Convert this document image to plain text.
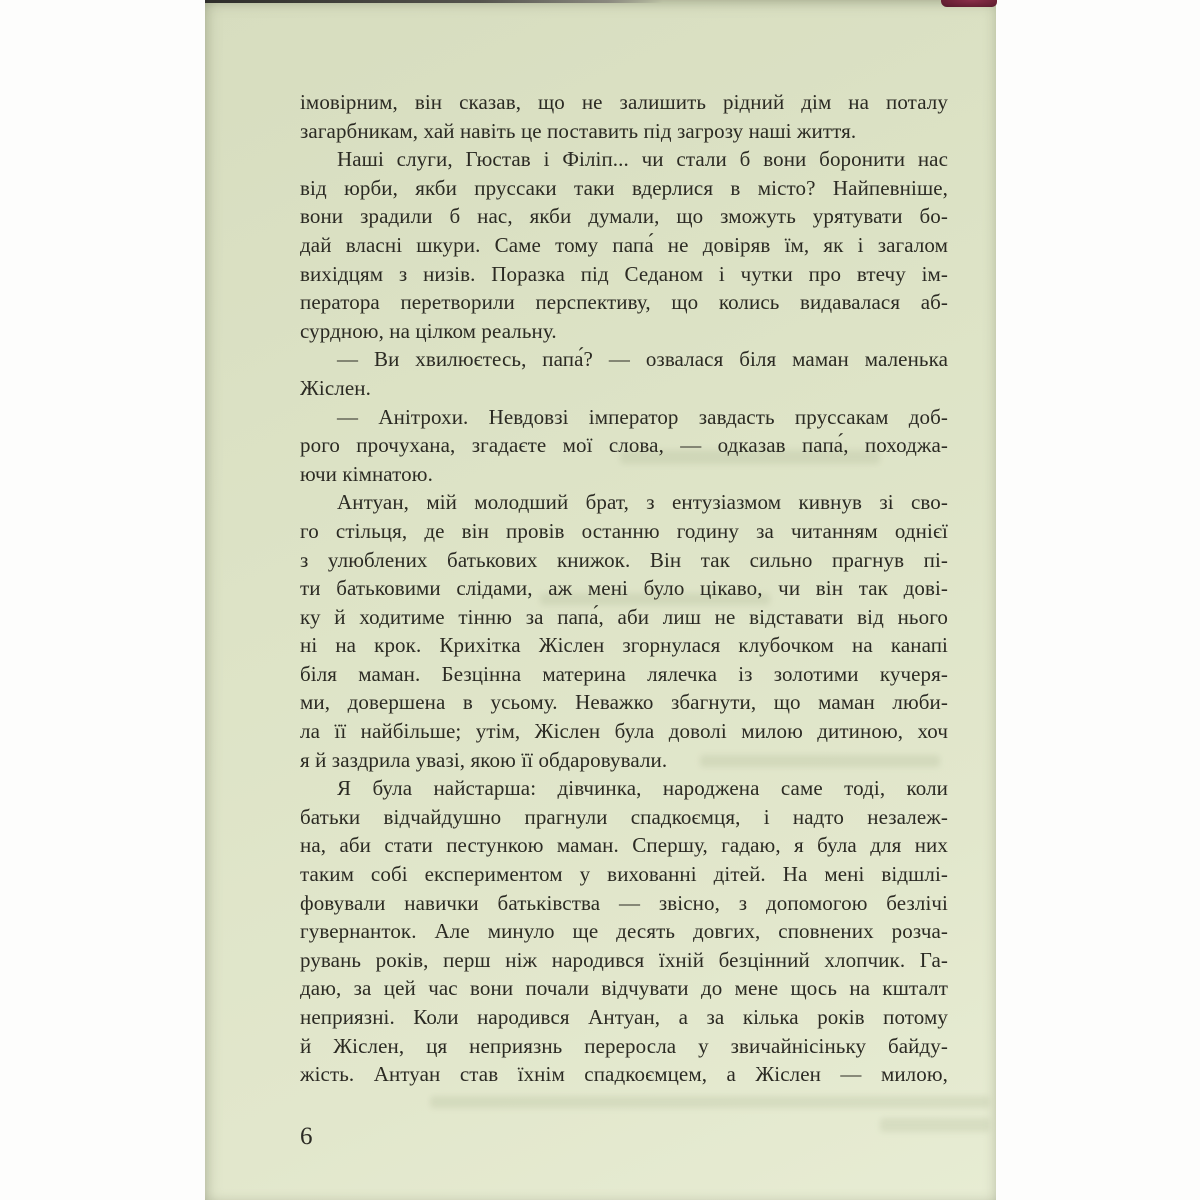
імовірним, він сказав, що не залишить рідний дім на поталу
загарбникам, хай навіть це поставить під загрозу наші життя.
Наші слуги, Гюстав і Філіп... чи стали б вони боронити нас
від юрби, якби пруссаки таки вдерлися в місто? Найпевніше,
вони зрадили б нас, якби думали, що зможуть урятувати бо-
дай власні шкури. Саме тому папа́ не довіряв їм, як і загалом
вихідцям з низів. Поразка під Седаном і чутки про втечу ім-
ператора перетворили перспективу, що колись видавалася аб-
сурдною, на цілком реальну.
— Ви хвилюєтесь, папа́? — озвалася біля маман маленька
Жіслен.
— Анітрохи. Невдовзі імператор завдасть пруссакам доб-
рого прочухана, згадаєте мої слова, — одказав папа́, походжа-
ючи кімнатою.
Антуан, мій молодший брат, з ентузіазмом кивнув зі сво-
го стільця, де він провів останню годину за читанням однієї
з улюблених батькових книжок. Він так сильно прагнув пі-
ти батьковими слідами, аж мені було цікаво, чи він так дові-
ку й ходитиме тінню за папа́, аби лиш не відставати від нього
ні на крок. Крихітка Жіслен згорнулася клубочком на канапі
біля маман. Безцінна материна лялечка із золотими кучеря-
ми, довершена в усьому. Неважко збагнути, що маман люби-
ла її найбільше; утім, Жіслен була доволі милою дитиною, хоч
я й заздрила увазі, якою її обдаровували.
Я була найстарша: дівчинка, народжена саме тоді, коли
батьки відчайдушно прагнули спадкоємця, і надто незалеж-
на, аби стати пестункою маман. Спершу, гадаю, я була для них
таким собі експериментом у вихованні дітей. На мені відшлі-
фовували навички батьківства — звісно, з допомогою безлічі
гувернанток. Але минуло ще десять довгих, сповнених розча-
рувань років, перш ніж народився їхній безцінний хлопчик. Га-
даю, за цей час вони почали відчувати до мене щось на кшталт
неприязні. Коли народився Антуан, а за кілька років потому
й Жіслен, ця неприязнь переросла у звичайнісіньку байду-
жість. Антуан став їхнім спадкоємцем, а Жіслен — милою,
6
